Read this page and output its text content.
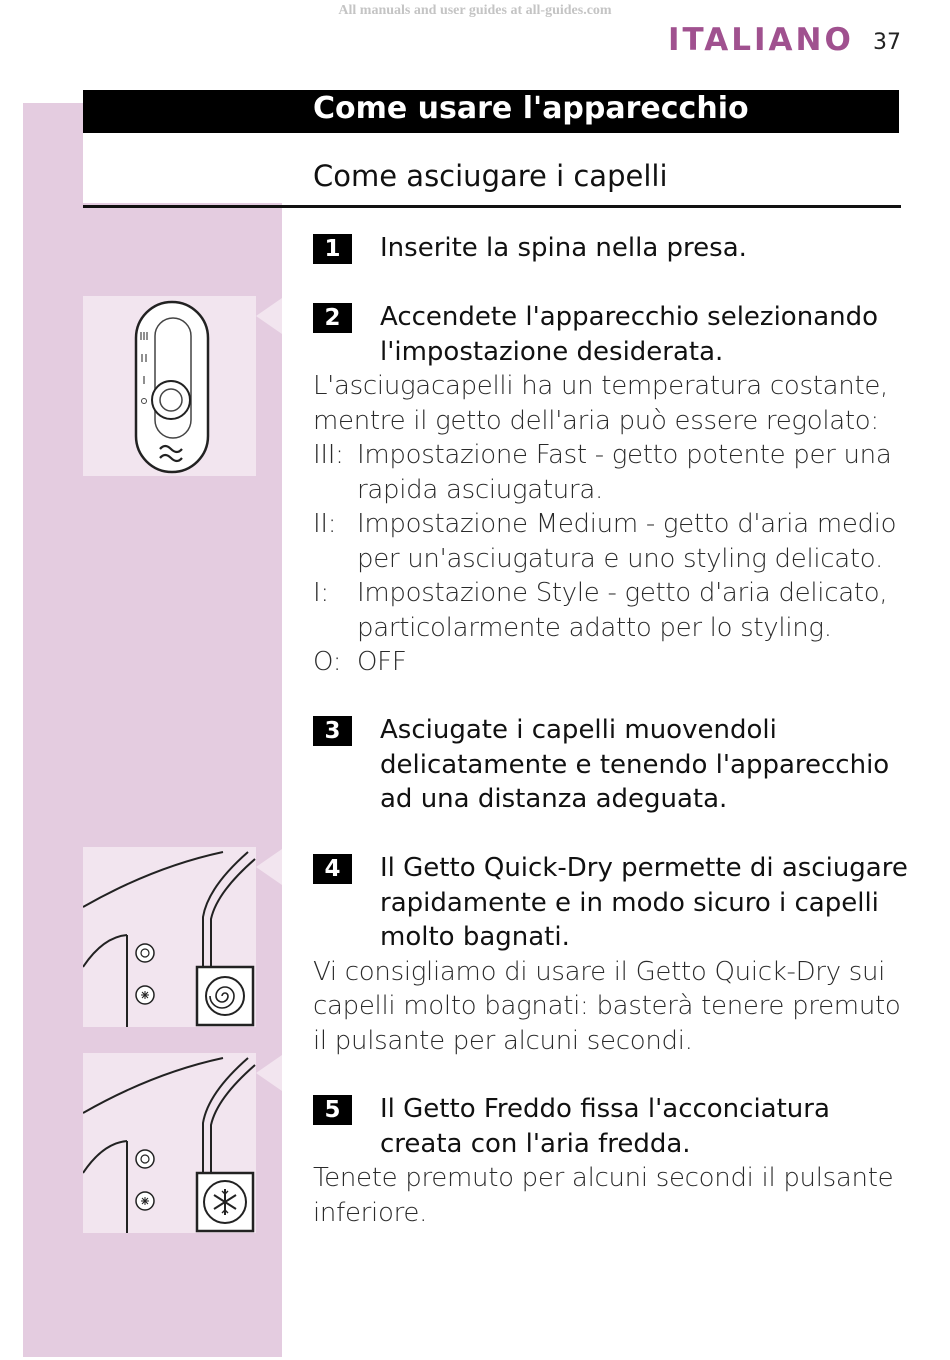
All manuals and user guides at all-guides.com
ITALIANO 37
Come usare l'apparecchio
Come asciugare i capelli
1	Inserite la spina nella presa.
2	Accendete l'apparecchio selezionando l'impostazione desiderata.
L'asciugacapelli ha un temperatura costante, mentre il getto dell'aria può essere regolato:
III: Impostazione Fast - getto potente per una rapida asciugatura.
II: Impostazione Medium - getto d'aria medio per un'asciugatura e uno styling delicato.
I:	Impostazione Style - getto d'aria delicato, particolarmente adatto per lo styling.
O: OFF
3	Asciugate i capelli muovendoli delicatamente e tenendo l'apparecchio ad una distanza adeguata.
4	Il Getto Quick-Dry permette di asciugare rapidamente e in modo sicuro i capelli molto bagnati.
Vi consigliamo di usare il Getto Quick-Dry sui capelli molto bagnati: basterà tenere premuto il pulsante per alcuni secondi.
5	Il Getto Freddo fissa l'acconciatura creata con l'aria fredda.
Tenete premuto per alcuni secondi il pulsante inferiore.
